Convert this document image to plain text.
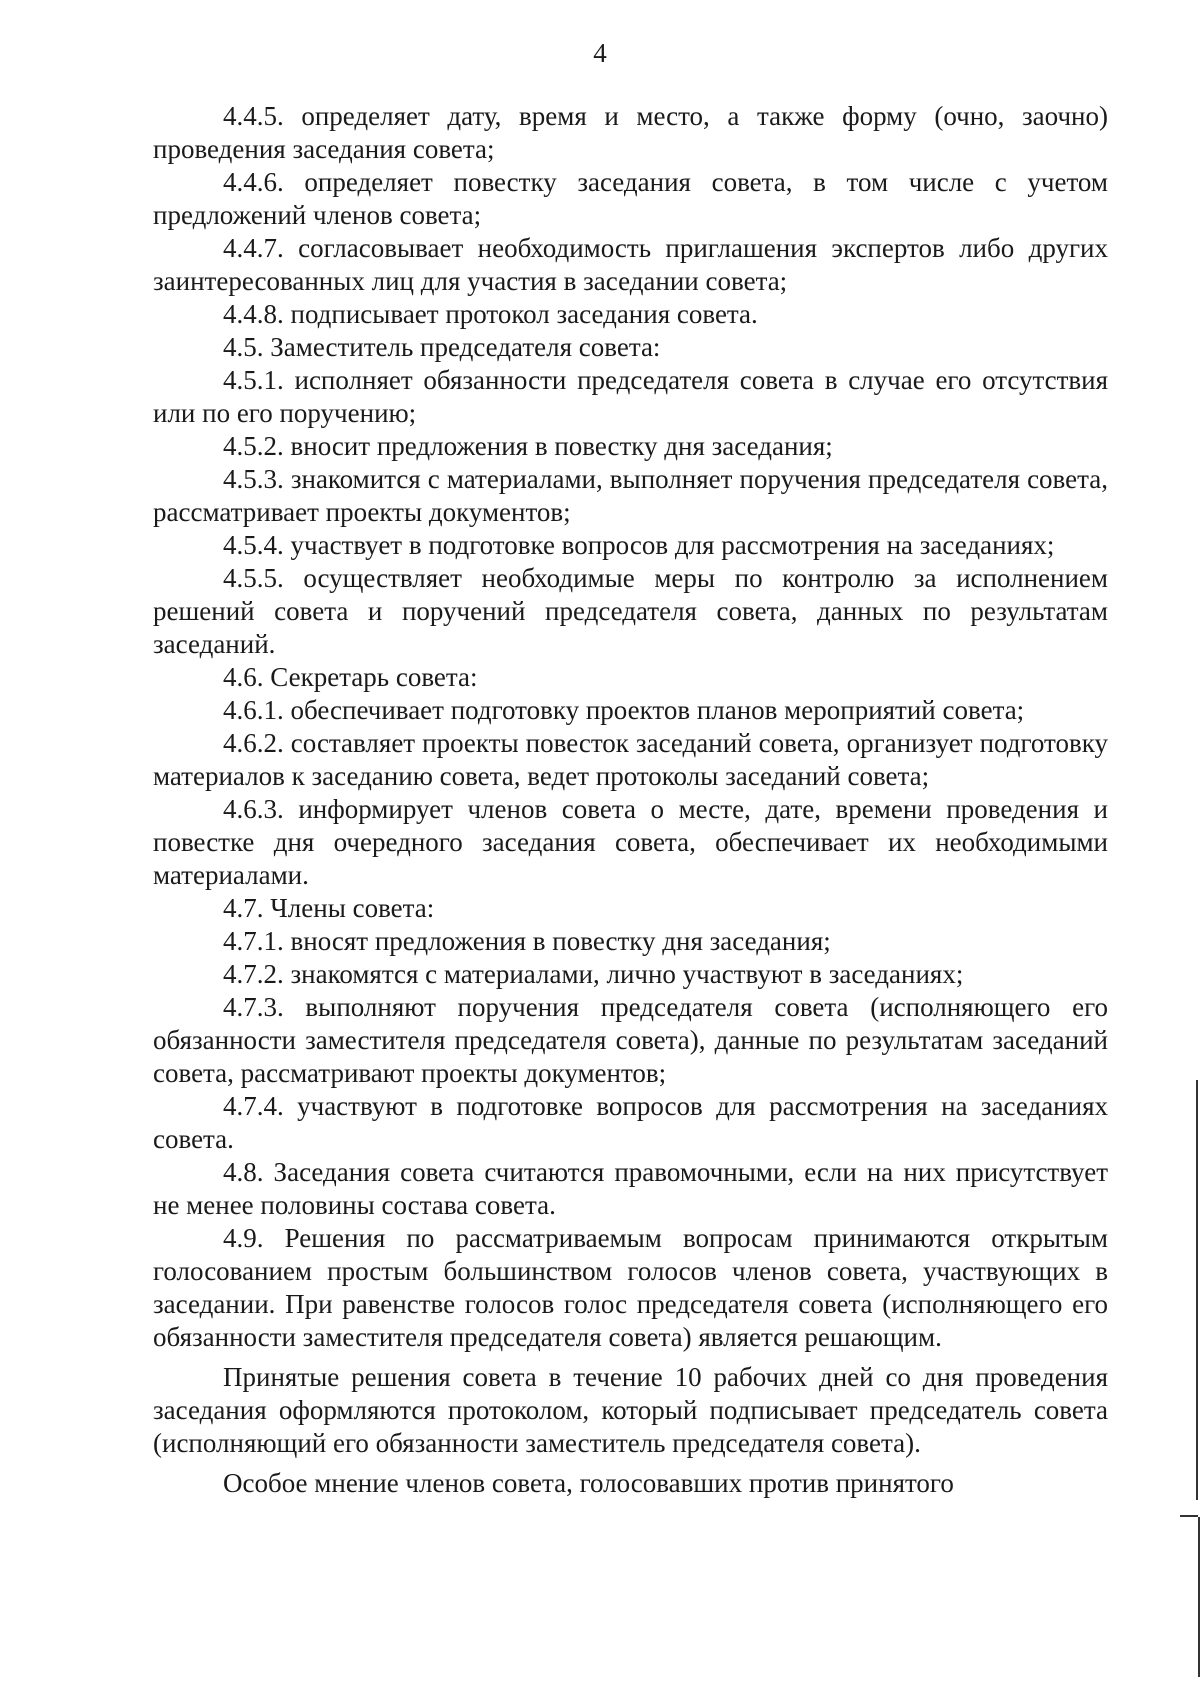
4

4.4.5. определяет дату, время и место, а также форму (очно, заочно) проведения заседания совета;

4.4.6. определяет повестку заседания совета, в том числе с учетом предложений членов совета;

4.4.7. согласовывает необходимость приглашения экспертов либо других заинтересованных лиц для участия в заседании совета;

4.4.8. подписывает протокол заседания совета.

4.5. Заместитель председателя совета:

4.5.1. исполняет обязанности председателя совета в случае его отсутствия или по его поручению;

4.5.2. вносит предложения в повестку дня заседания;

4.5.3. знакомится с материалами, выполняет поручения председателя совета, рассматривает проекты документов;

4.5.4. участвует в подготовке вопросов для рассмотрения на заседаниях;

4.5.5. осуществляет необходимые меры по контролю за исполнением решений совета и поручений председателя совета, данных по результатам заседаний.

4.6. Секретарь совета:

4.6.1. обеспечивает подготовку проектов планов мероприятий совета;

4.6.2. составляет проекты повесток заседаний совета, организует подготовку материалов к заседанию совета, ведет протоколы заседаний совета;

4.6.3. информирует членов совета о месте, дате, времени проведения и повестке дня очередного заседания совета, обеспечивает их необходимыми материалами.

4.7. Члены совета:

4.7.1. вносят предложения в повестку дня заседания;

4.7.2. знакомятся с материалами, лично участвуют в заседаниях;

4.7.3. выполняют поручения председателя совета (исполняющего его обязанности заместителя председателя совета), данные по результатам заседаний совета, рассматривают проекты документов;

4.7.4. участвуют в подготовке вопросов для рассмотрения на заседаниях совета.

4.8. Заседания совета считаются правомочными, если на них присутствует не менее половины состава совета.

4.9. Решения по рассматриваемым вопросам принимаются открытым голосованием простым большинством голосов членов совета, участвующих в заседании. При равенстве голосов голос председателя совета (исполняющего его обязанности заместителя председателя совета) является решающим.

Принятые решения совета в течение 10 рабочих дней со дня проведения заседания оформляются протоколом, который подписывает председатель совета (исполняющий его обязанности заместитель председателя совета).

Особое мнение членов совета, голосовавших против принятого
